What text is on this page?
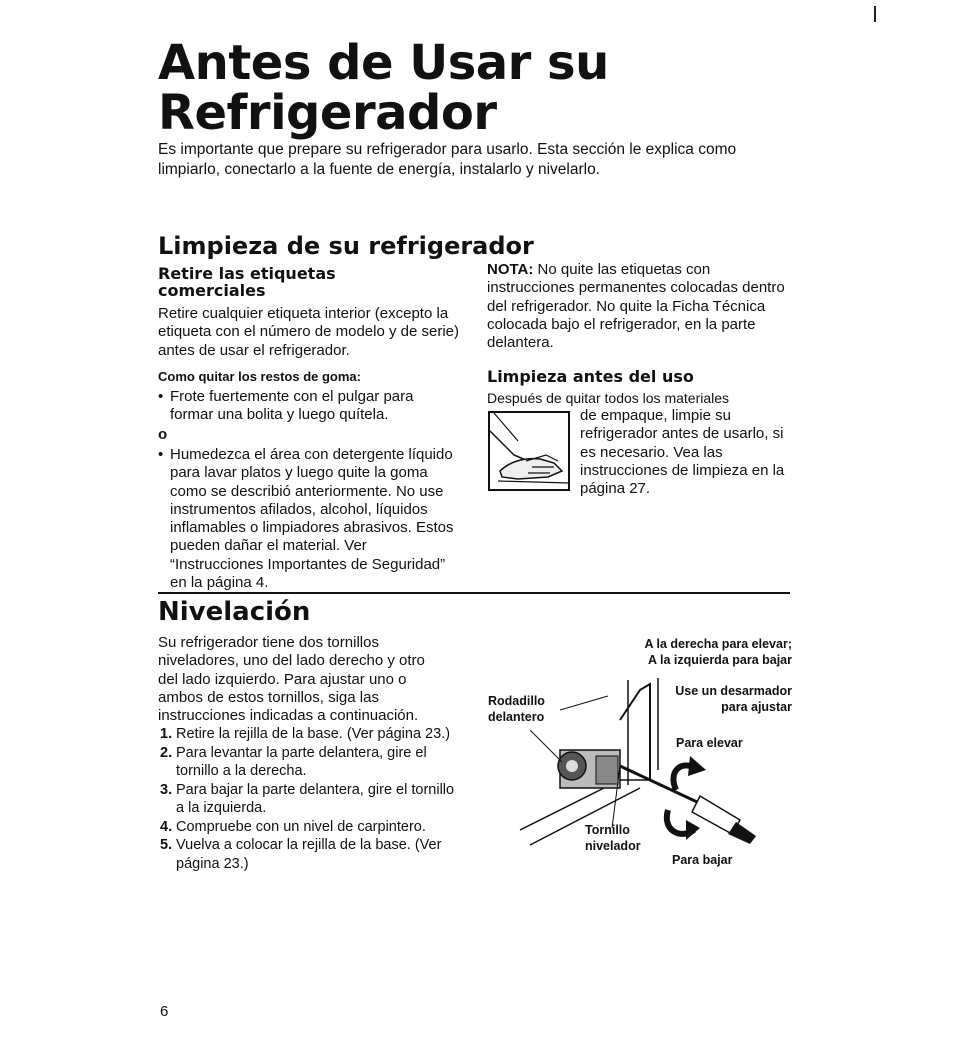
Antes de Usar su
Refrigerador
Es importante que prepare su refrigerador para usarlo. Esta sección le explica como limpiarlo, conectarlo a la fuente de energía, instalarlo y nivelarlo.
Limpieza de su refrigerador
Retire las etiquetas comerciales
Retire cualquier etiqueta interior (excepto la etiqueta con el número de modelo y de serie) antes de usar el refrigerador.
Como quitar los restos de goma:
• Frote fuertemente con el pulgar para formar una bolita y luego quítela.
o
• Humedezca el área con detergente líquido para lavar platos y luego quite la goma como se describió anteriormente. No use instrumentos afilados, alcohol, líquidos inflamables o limpiadores abrasivos. Estos pueden dañar el material. Ver “Instrucciones Importantes de Seguridad” en la página 4.
NOTA: No quite las etiquetas con instrucciones permanentes colocadas dentro del refrigerador. No quite la Ficha Técnica colocada bajo el refrigerador, en la parte delantera.
Limpieza antes del uso
Después de quitar todos los materiales
de empaque, limpie su refrigerador antes de usarlo, si es necesario. Vea las instrucciones de limpieza en la página 27.
Nivelación
Su refrigerador tiene dos tornillos niveladores, uno del lado derecho y otro del lado izquierdo. Para ajustar uno o ambos de estos tornillos, siga las instrucciones indicadas a continuación.
1. Retire la rejilla de la base. (Ver página 23.)
2. Para levantar la parte delantera, gire el tornillo a la derecha.
3. Para bajar la parte delantera, gire el tornillo a la izquierda.
4. Compruebe con un nivel de carpintero.
5. Vuelva a colocar la rejilla de la base. (Ver página 23.)
A la derecha para elevar;
A la izquierda para bajar
Rodadillo
delantero
Use un desarmador
para ajustar
Para elevar
Tornillo
nivelador
Para bajar
6
